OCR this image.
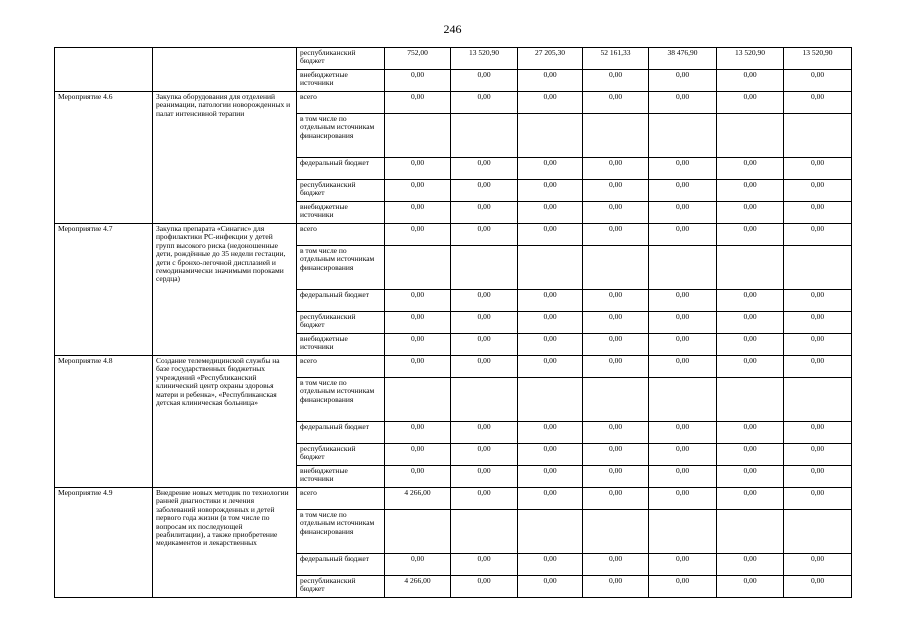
246
		республиканский бюджет	752,00	13 520,90	27 205,30	52 161,33	38 476,90	13 520,90	13 520,90
		внебюджетные источники	0,00	0,00	0,00	0,00	0,00	0,00	0,00
Мероприятие 4.6	Закупка оборудования для отделений реанимации, патологии новорожденных и палат интенсивной терапии	всего	0,00	0,00	0,00	0,00	0,00	0,00	0,00
		в том числе по отдельным источникам финансирования							
		федеральный бюджет	0,00	0,00	0,00	0,00	0,00	0,00	0,00
		республиканский бюджет	0,00	0,00	0,00	0,00	0,00	0,00	0,00
		внебюджетные источники	0,00	0,00	0,00	0,00	0,00	0,00	0,00
Мероприятие 4.7	Закупка препарата «Синагис» для профилактики РС-инфекции у детей групп высокого риска (недоношенные дети, рождённые до 35 недели гестации, дети с бронхо-легочной дисплазией и гемодинамически значимыми пороками сердца)	всего	0,00	0,00	0,00	0,00	0,00	0,00	0,00
		в том числе по отдельным источникам финансирования							
		федеральный бюджет	0,00	0,00	0,00	0,00	0,00	0,00	0,00
		республиканский бюджет	0,00	0,00	0,00	0,00	0,00	0,00	0,00
		внебюджетные источники	0,00	0,00	0,00	0,00	0,00	0,00	0,00
Мероприятие 4.8	Создание телемедицинской службы на базе государственных бюджетных учреждений «Республиканский клинический центр охраны здоровья матери и ребенка», «Республиканская детская клиническая больница»	всего	0,00	0,00	0,00	0,00	0,00	0,00	0,00
		в том числе по отдельным источникам финансирования							
		федеральный бюджет	0,00	0,00	0,00	0,00	0,00	0,00	0,00
		республиканский бюджет	0,00	0,00	0,00	0,00	0,00	0,00	0,00
		внебюджетные источники	0,00	0,00	0,00	0,00	0,00	0,00	0,00
Мероприятие 4.9	Внедрение новых методик по технологии ранней диагностики и лечения заболеваний новорожденных и детей первого года жизни (в том числе по вопросам их последующей реабилитации), а также приобретение медикаментов и лекарственных	всего	4 266,00	0,00	0,00	0,00	0,00	0,00	0,00
		в том числе по отдельным источникам финансирования							
		федеральный бюджет	0,00	0,00	0,00	0,00	0,00	0,00	0,00
		республиканский бюджет	4 266,00	0,00	0,00	0,00	0,00	0,00	0,00
